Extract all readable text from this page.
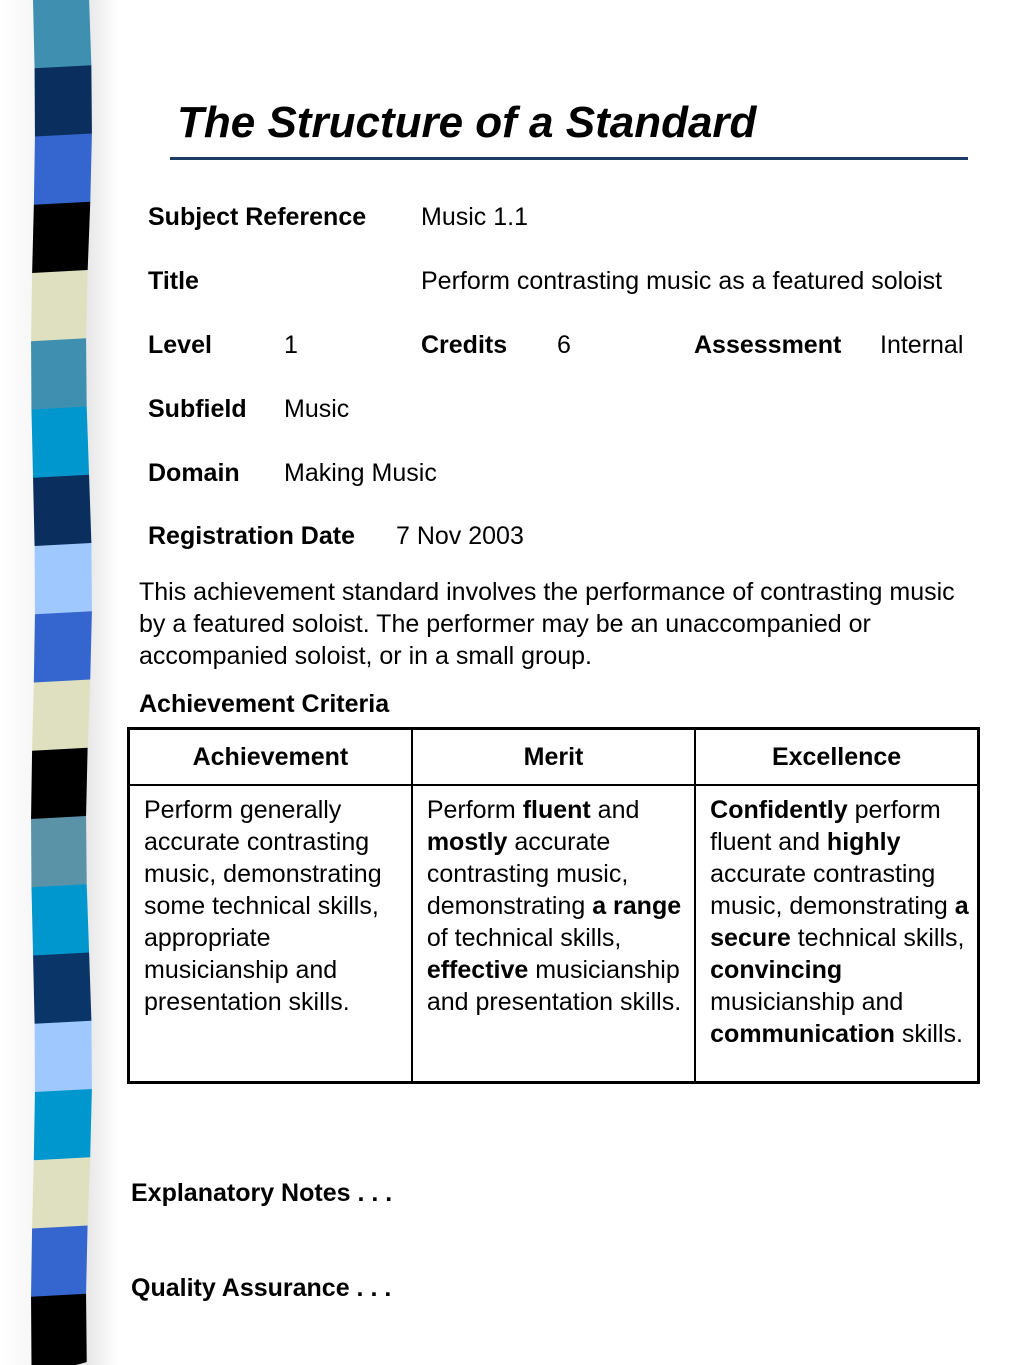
The Structure of a Standard
Subject Reference Music 1.1
Title	Perform contrasting music as a featured soloist
Level	1	Credits 6	Assessment Internal
Subfield Music
Domain Making Music
Registration Date 7 Nov 2003
This achievement standard involves the performance of contrasting music by a featured soloist. The performer may be an unaccompanied or accompanied soloist, or in a small group.
Achievement Criteria
Achievement	Merit	Excellence
Perform generally accurate contrasting music, demonstrating some technical skills, appropriate musicianship and presentation skills.	Perform fluent and mostly accurate contrasting music, demonstrating a range of technical skills, effective musicianship and presentation skills.	Confidently perform fluent and highly accurate contrasting music, demonstrating a secure technical skills, convincing musicianship and communication skills.
Explanatory Notes . . .
Quality Assurance . . .
